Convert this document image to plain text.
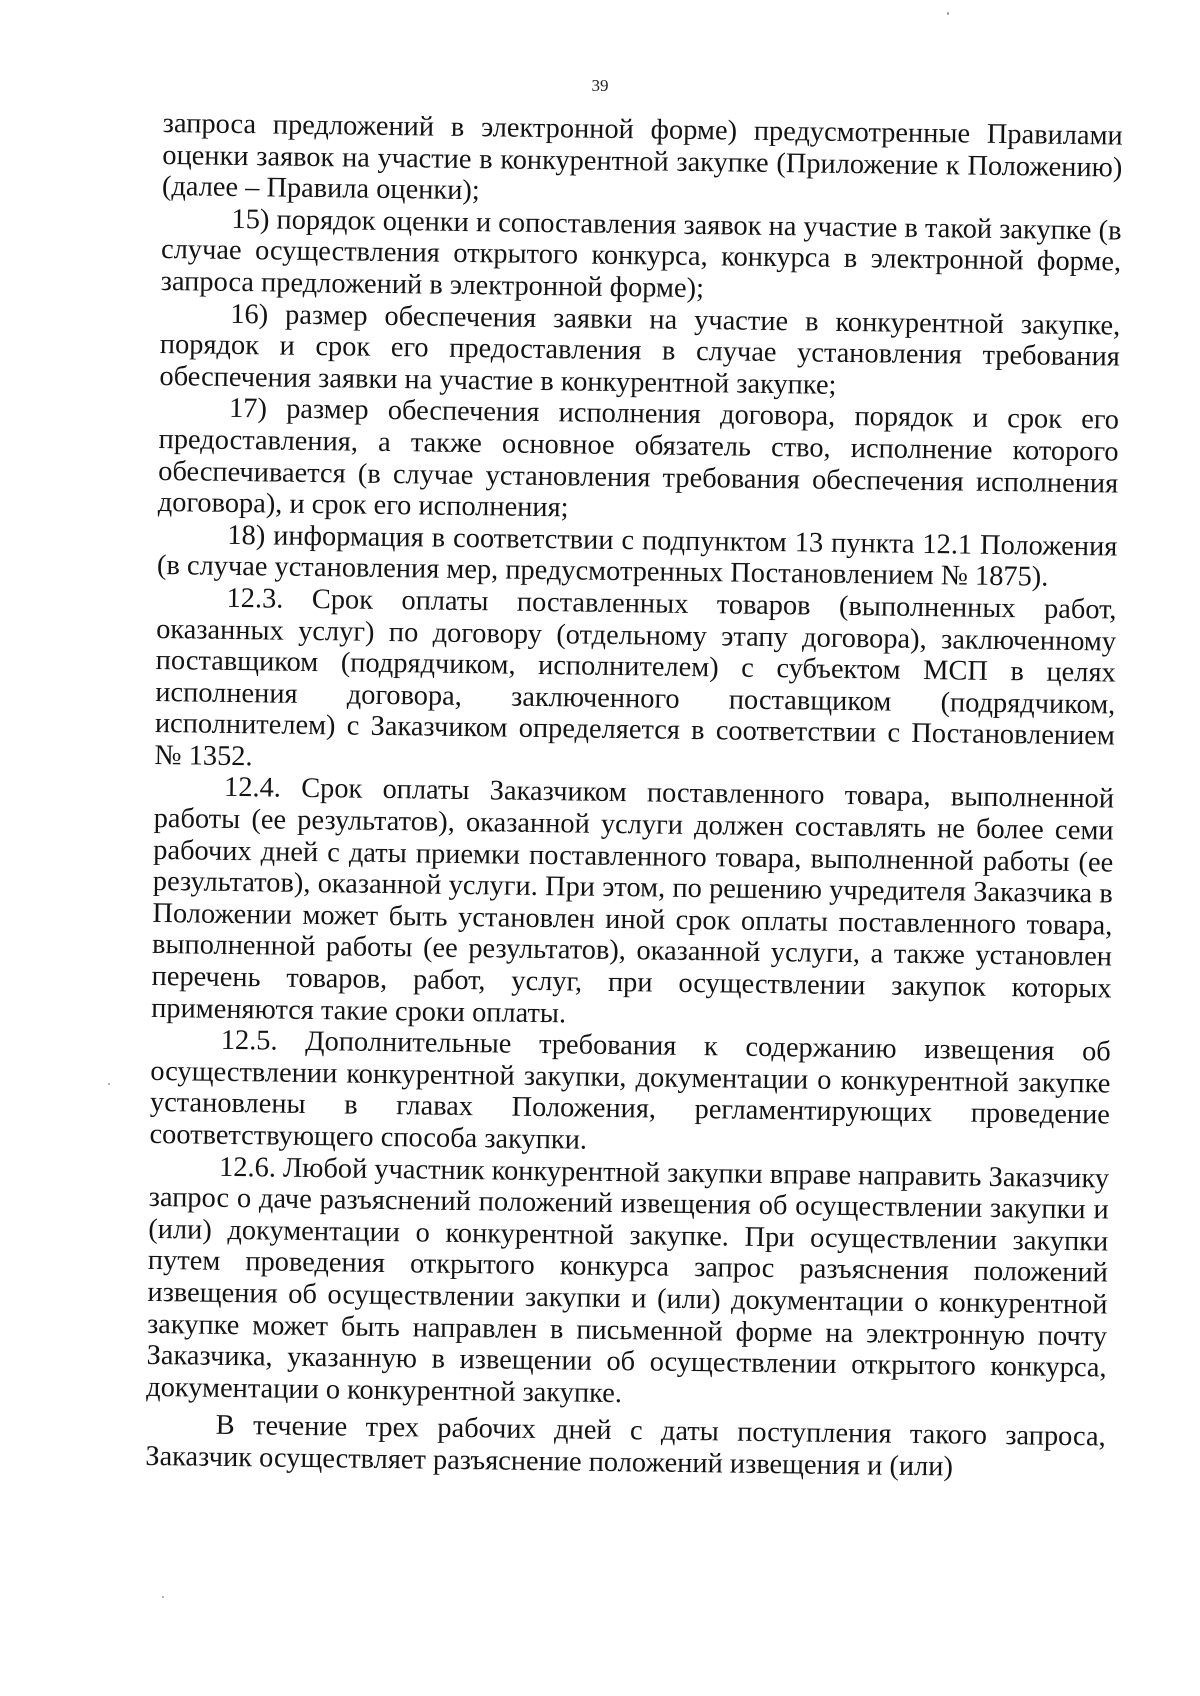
39

запроса предложений в электронной форме) предусмотренные Правилами оценки заявок на участие в конкурентной закупке (Приложение к Положению) (далее – Правила оценки);

15) порядок оценки и сопоставления заявок на участие в такой закупке (в случае осуществления открытого конкурса, конкурса в электронной форме, запроса предложений в электронной форме);

16) размер обеспечения заявки на участие в конкурентной закупке, порядок и срок его предоставления в случае установления требования обеспечения заявки на участие в конкурентной закупке;

17) размер обеспечения исполнения договора, порядок и срок его предоставления, а также основное обязатель ство, исполнение которого обеспечивается (в случае установления требования обеспечения исполнения договора), и срок его исполнения;

18) информация в соответствии с подпунктом 13 пункта 12.1 Положения (в случае установления мер, предусмотренных Постановлением № 1875).

12.3. Срок оплаты поставленных товаров (выполненных работ, оказанных услуг) по договору (отдельному этапу договора), заключенному поставщиком (подрядчиком, исполнителем) с субъектом МСП в целях исполнения договора, заключенного поставщиком (подрядчиком, исполнителем) с Заказчиком определяется в соответствии с Постановлением № 1352.

12.4. Срок оплаты Заказчиком поставленного товара, выполненной работы (ее результатов), оказанной услуги должен составлять не более семи рабочих дней с даты приемки поставленного товара, выполненной работы (ее результатов), оказанной услуги. При этом, по решению учредителя Заказчика в Положении может быть установлен иной срок оплаты поставленного товара, выполненной работы (ее результатов), оказанной услуги, а также установлен перечень товаров, работ, услуг, при осуществлении закупок которых применяются такие сроки оплаты.

12.5. Дополнительные требования к содержанию извещения об осуществлении конкурентной закупки, документации о конкурентной закупке установлены в главах Положения, регламентирующих проведение соответствующего способа закупки.

12.6. Любой участник конкурентной закупки вправе направить Заказчику запрос о даче разъяснений положений извещения об осуществлении закупки и (или) документации о конкурентной закупке. При осуществлении закупки путем проведения открытого конкурса запрос разъяснения положений извещения об осуществлении закупки и (или) документации о конкурентной закупке может быть направлен в письменной форме на электронную почту Заказчика, указанную в извещении об осуществлении открытого конкурса, документации о конкурентной закупке.

В течение трех рабочих дней с даты поступления такого запроса, Заказчик осуществляет разъяснение положений извещения и (или)
